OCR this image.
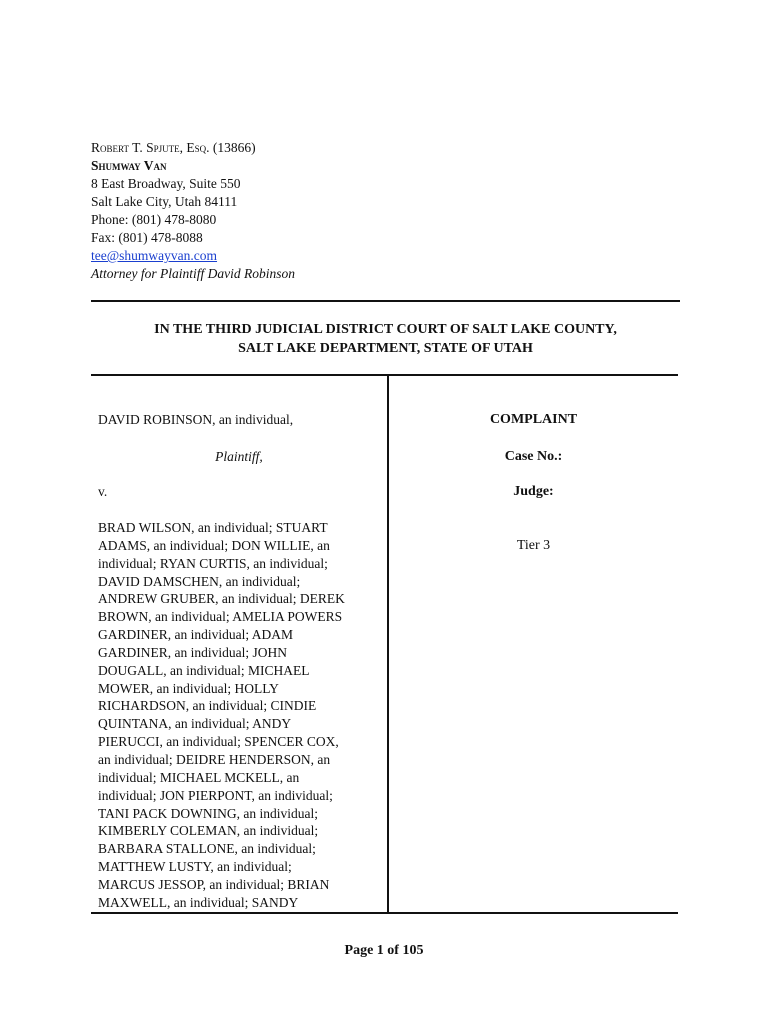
Robert T. Spjute, Esq. (13866)
Shumway Van
8 East Broadway, Suite 550
Salt Lake City, Utah 84111
Phone: (801) 478-8080
Fax: (801) 478-8088
tee@shumwayvan.com
Attorney for Plaintiff David Robinson
IN THE THIRD JUDICIAL DISTRICT COURT OF SALT LAKE COUNTY,
SALT LAKE DEPARTMENT, STATE OF UTAH
DAVID ROBINSON, an individual,
Plaintiff,
v.
BRAD WILSON, an individual; STUART
ADAMS, an individual; DON WILLIE, an
individual; RYAN CURTIS, an individual;
DAVID DAMSCHEN, an individual;
ANDREW GRUBER, an individual; DEREK
BROWN, an individual; AMELIA POWERS
GARDINER, an individual; ADAM
GARDINER, an individual; JOHN
DOUGALL, an individual; MICHAEL
MOWER, an individual; HOLLY
RICHARDSON, an individual; CINDIE
QUINTANA, an individual; ANDY
PIERUCCI, an individual; SPENCER COX,
an individual; DEIDRE HENDERSON, an
individual; MICHAEL MCKELL, an
individual; JON PIERPONT, an individual;
TANI PACK DOWNING, an individual;
KIMBERLY COLEMAN, an individual;
BARBARA STALLONE, an individual;
MATTHEW LUSTY, an individual;
MARCUS JESSOP, an individual; BRIAN
MAXWELL, an individual; SANDY
COMPLAINT
Case No.:
Judge:
Tier 3
Page 1 of 105
